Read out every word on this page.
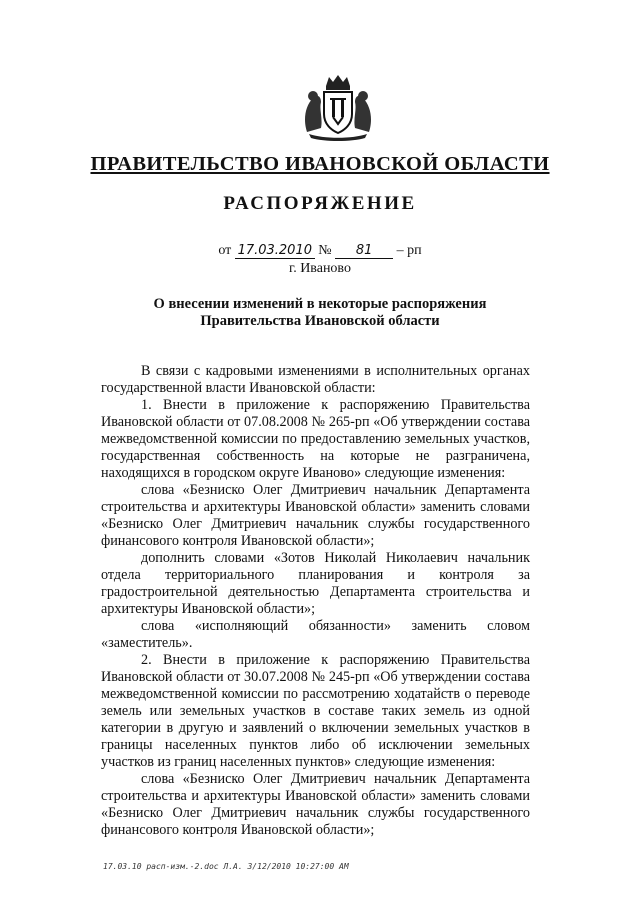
ПРАВИТЕЛЬСТВО ИВАНОВСКОЙ ОБЛАСТИ
РАСПОРЯЖЕНИЕ
от 17.03.2010 № 81 – рп
г. Иваново
О внесении изменений в некоторые распоряжения Правительства Ивановской области

В связи с кадровыми изменениями в исполнительных органах государственной власти Ивановской области:

1. Внести в приложение к распоряжению Правительства Ивановской области от 07.08.2008 № 265-рп «Об утверждении состава межведомственной комиссии по предоставлению земельных участков, государственная собственность на которые не разграничена, находящихся в городском округе Иваново» следующие изменения:

слова «Безниско Олег Дмитриевич начальник Департамента строительства и архитектуры Ивановской области» заменить словами «Безниско Олег Дмитриевич начальник службы государственного финансового контроля Ивановской области»;

дополнить словами «Зотов Николай Николаевич начальник отдела территориального планирования и контроля за градостроительной деятельностью Департамента строительства и архитектуры Ивановской области»;

слова «исполняющий обязанности» заменить словом «заместитель».

2. Внести в приложение к распоряжению Правительства Ивановской области от 30.07.2008 № 245-рп «Об утверждении состава межведомственной комиссии по рассмотрению ходатайств о переводе земель или земельных участков в составе таких земель из одной категории в другую и заявлений о включении земельных участков в границы населенных пунктов либо об исключении земельных участков из границ населенных пунктов» следующие изменения:

слова «Безниско Олег Дмитриевич начальник Департамента строительства и архитектуры Ивановской области» заменить словами «Безниско Олег Дмитриевич начальник службы государственного финансового контроля Ивановской области»;

17.03.10 расп-изм.-2.doc Л.А. 3/12/2010 10:27:00 AM
